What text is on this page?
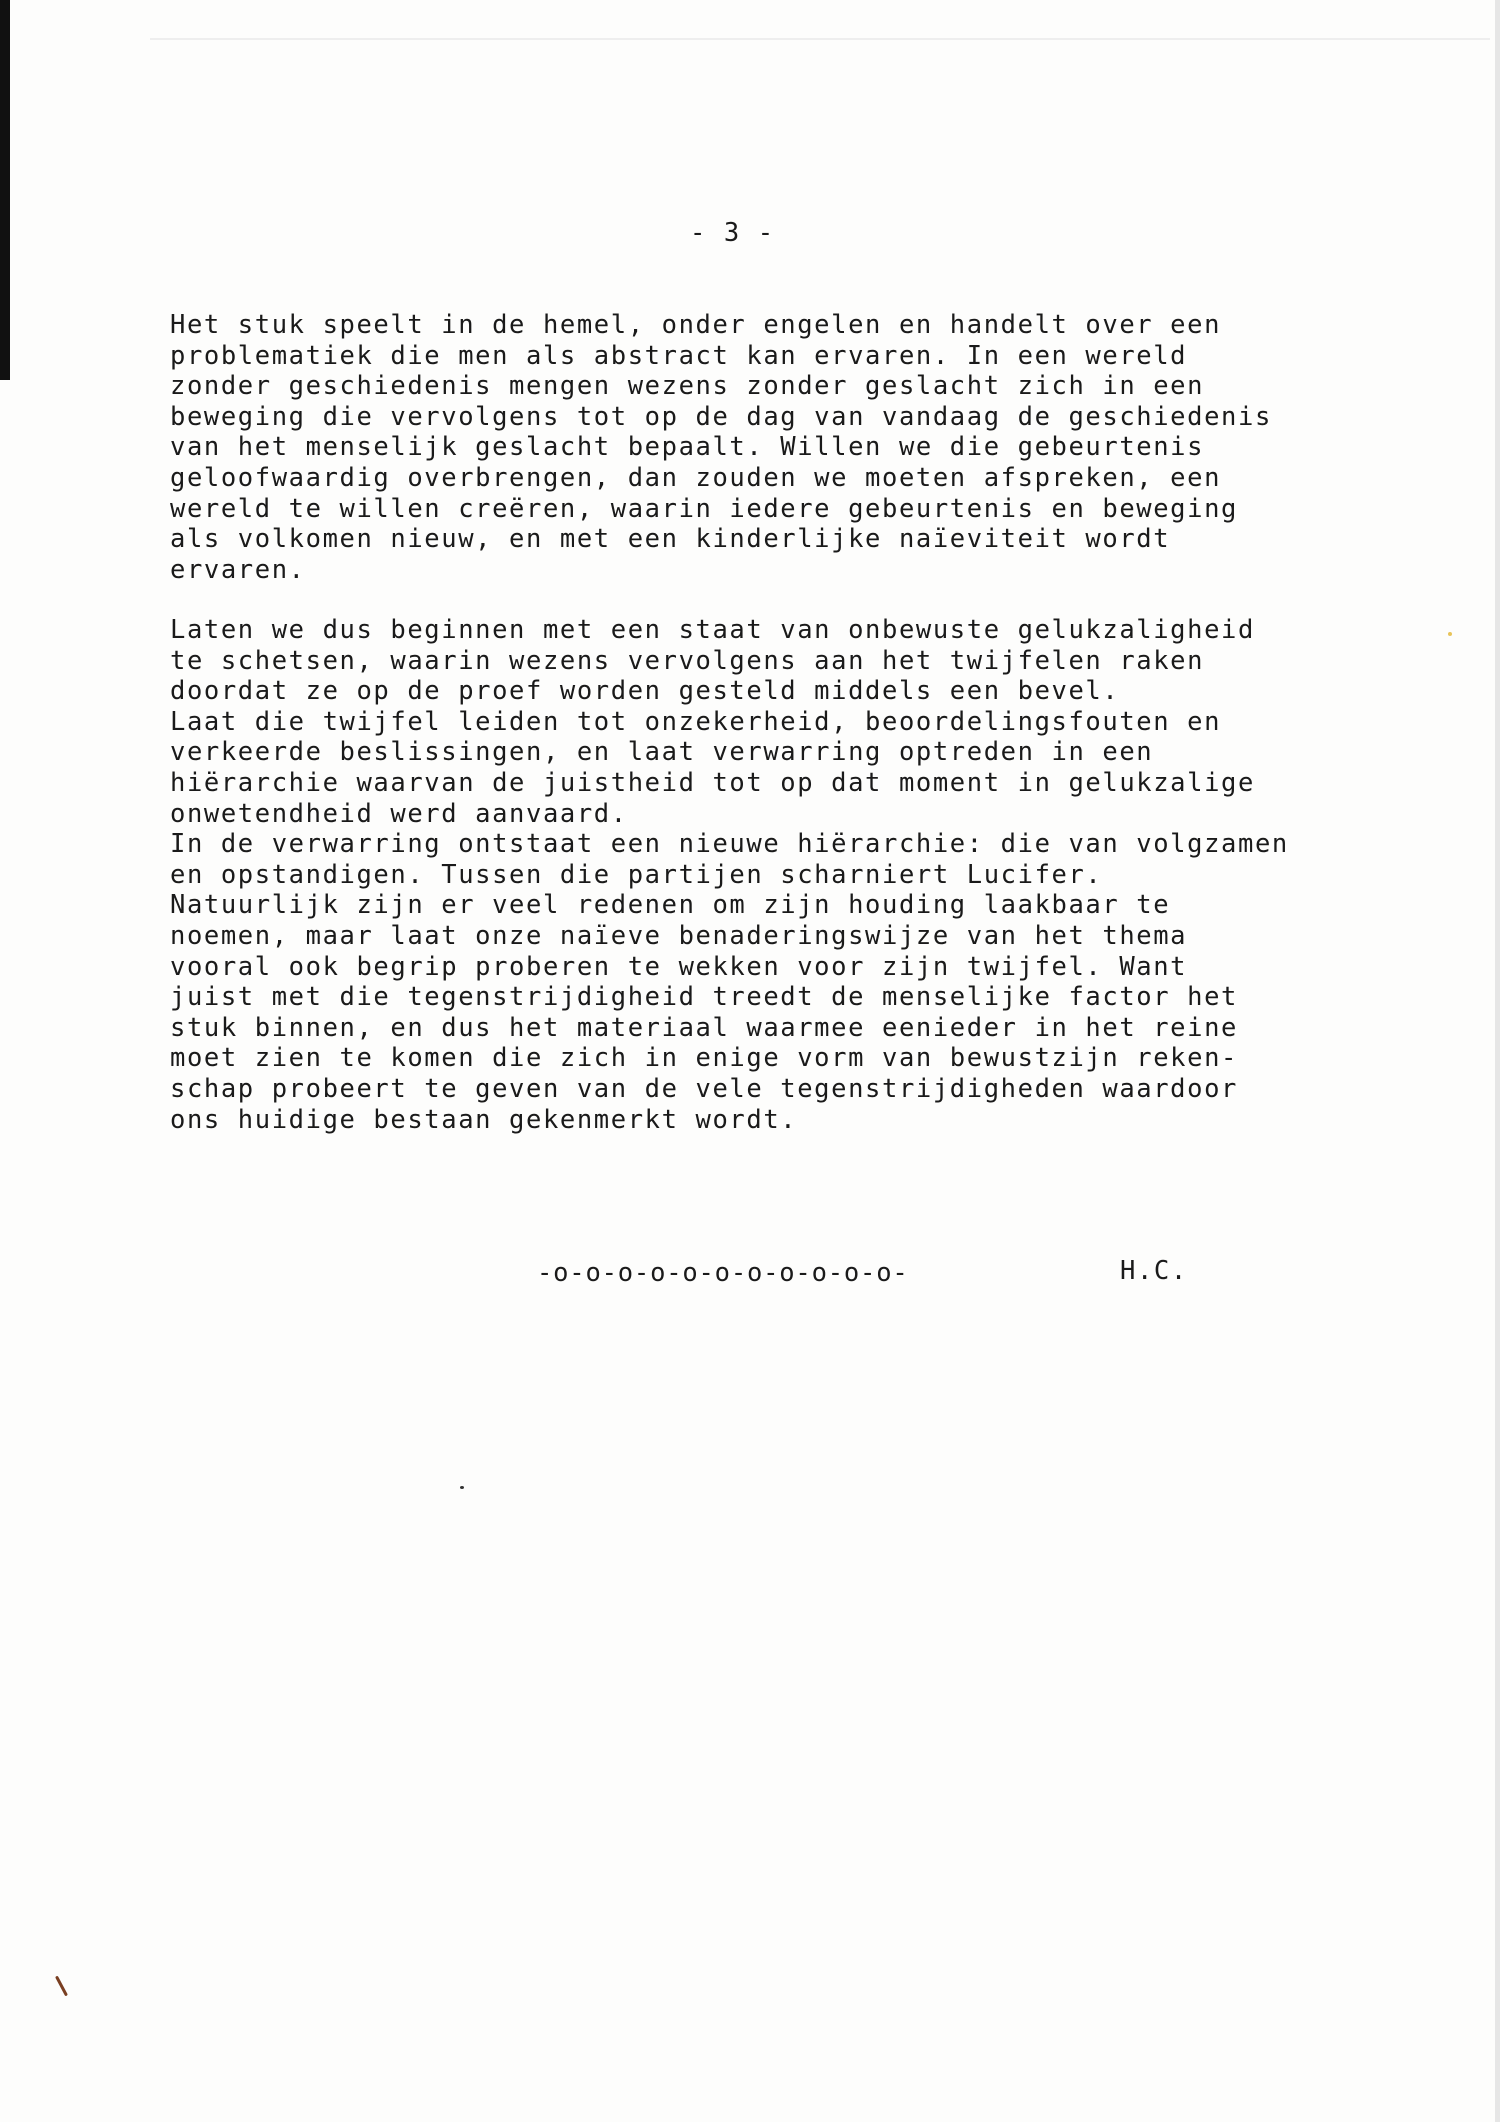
- 3 -
Het stuk speelt in de hemel, onder engelen en handelt over een
problematiek die men als abstract kan ervaren. In een wereld
zonder geschiedenis mengen wezens zonder geslacht zich in een
beweging die vervolgens tot op de dag van vandaag de geschiedenis
van het menselijk geslacht bepaalt. Willen we die gebeurtenis
geloofwaardig overbrengen, dan zouden we moeten afspreken, een
wereld te willen creëren, waarin iedere gebeurtenis en beweging
als volkomen nieuw, en met een kinderlijke naïeviteit wordt
ervaren.
Laten we dus beginnen met een staat van onbewuste gelukzaligheid
te schetsen, waarin wezens vervolgens aan het twijfelen raken
doordat ze op de proef worden gesteld middels een bevel.
Laat die twijfel leiden tot onzekerheid, beoordelingsfouten en
verkeerde beslissingen, en laat verwarring optreden in een
hiërarchie waarvan de juistheid tot op dat moment in gelukzalige
onwetendheid werd aanvaard.
In de verwarring ontstaat een nieuwe hiërarchie: die van volgzamen
en opstandigen. Tussen die partijen scharniert Lucifer.
Natuurlijk zijn er veel redenen om zijn houding laakbaar te
noemen, maar laat onze naïeve benaderingswijze van het thema
vooral ook begrip proberen te wekken voor zijn twijfel. Want
juist met die tegenstrijdigheid treedt de menselijke factor het
stuk binnen, en dus het materiaal waarmee eenieder in het reine
moet zien te komen die zich in enige vorm van bewustzijn reken-
schap probeert te geven van de vele tegenstrijdigheden waardoor
ons huidige bestaan gekenmerkt wordt.
-o-o-o-o-o-o-o-o-o-o-o-	H.C.
